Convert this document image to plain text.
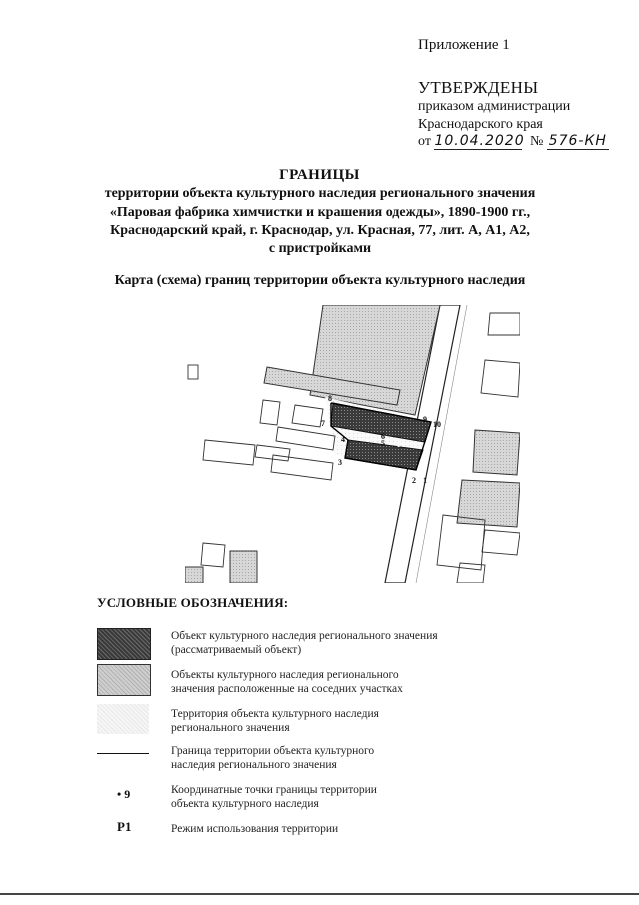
Приложение 1
УТВЕРЖДЕНЫ
приказом администрации
Краснодарского края
от 10.04.2020 № 576-КН
ГРАНИЦЫ
территории объекта культурного наследия регионального значения
«Паровая фабрика химчистки и крашения одежды», 1890-1900 гг.,
Краснодарский край, г. Краснодар, ул. Красная, 77, лит. А, А1, А2,
с пристройками
Карта (схема) границ территории объекта культурного наследия
1
2
3
4	5
6
7
8
9
10
Р1
УСЛОВНЫЕ ОБОЗНАЧЕНИЯ:
Объект культурного наследия регионального значения
(рассматриваемый объект)
Объекты культурного наследия регионального
значения расположенные на соседних участках
Территория объекта культурного наследия
регионального значения
Граница территории объекта культурного
наследия регионального значения
• 9	Координатные точки границы территории
объекта культурного наследия
Р1	Режим использования территории
